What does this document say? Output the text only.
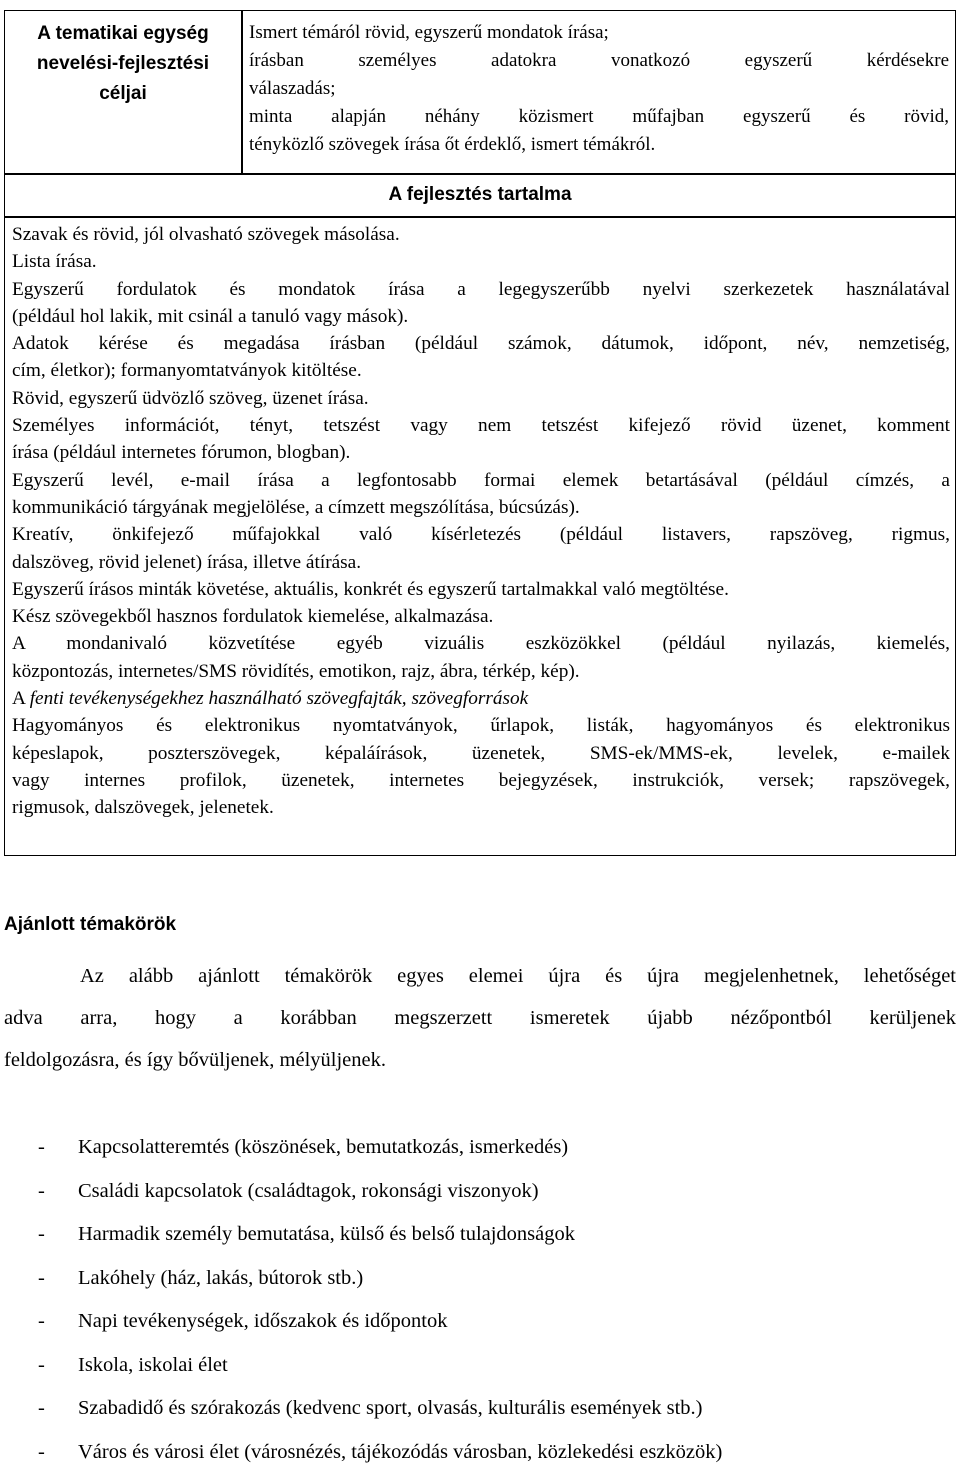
A tematikai egység
nevelési-fejlesztési
céljai
Ismert témáról rövid, egyszerű mondatok írása;
írásban személyes adatokra vonatkozó egyszerű kérdésekre
válaszadás;
minta alapján néhány közismert műfajban egyszerű és rövid,
tényközlő szövegek írása őt érdeklő, ismert témákról.
A fejlesztés tartalma
Szavak és rövid, jól olvasható szövegek másolása.
Lista írása.
Egyszerű fordulatok és mondatok írása a legegyszerűbb nyelvi szerkezetek használatával
(például hol lakik, mit csinál a tanuló vagy mások).
Adatok kérése és megadása írásban (például számok, dátumok, időpont, név, nemzetiség,
cím, életkor); formanyomtatványok kitöltése.
Rövid, egyszerű üdvözlő szöveg, üzenet írása.
Személyes információt, tényt, tetszést vagy nem tetszést kifejező rövid üzenet, komment
írása (például internetes fórumon, blogban).
Egyszerű levél, e-mail írása a legfontosabb formai elemek betartásával (például címzés, a
kommunikáció tárgyának megjelölése, a címzett megszólítása, búcsúzás).
Kreatív, önkifejező műfajokkal való kísérletezés (például listavers, rapszöveg, rigmus,
dalszöveg, rövid jelenet) írása, illetve átírása.
Egyszerű írásos minták követése, aktuális, konkrét és egyszerű tartalmakkal való megtöltése.
Kész szövegekből hasznos fordulatok kiemelése, alkalmazása.
A mondanivaló közvetítése egyéb vizuális eszközökkel (például nyilazás, kiemelés,
központozás, internetes/SMS rövidítés, emotikon, rajz, ábra, térkép, kép).
A fenti tevékenységekhez használható szövegfajták, szövegforrások
Hagyományos és elektronikus nyomtatványok, űrlapok, listák, hagyományos és elektronikus
képeslapok, poszterszövegek, képaláírások, üzenetek, SMS-ek/MMS-ek, levelek, e-mailek
vagy internes profilok, üzenetek, internetes bejegyzések, instrukciók, versek; rapszövegek,
rigmusok, dalszövegek, jelenetek.
Ajánlott témakörök
Az alább ajánlott témakörök egyes elemei újra és újra megjelenhetnek, lehetőséget
adva arra, hogy a korábban megszerzett ismeretek újabb nézőpontból kerüljenek
feldolgozásra, és így bővüljenek, mélyüljenek.
- Kapcsolatteremtés (köszönések, bemutatkozás, ismerkedés)
- Családi kapcsolatok (családtagok, rokonsági viszonyok)
- Harmadik személy bemutatása, külső és belső tulajdonságok
- Lakóhely (ház, lakás, bútorok stb.)
- Napi tevékenységek, időszakok és időpontok
- Iskola, iskolai élet
- Szabadidő és szórakozás (kedvenc sport, olvasás, kulturális események stb.)
- Város és városi élet (városnézés, tájékozódás városban, közlekedési eszközök)
